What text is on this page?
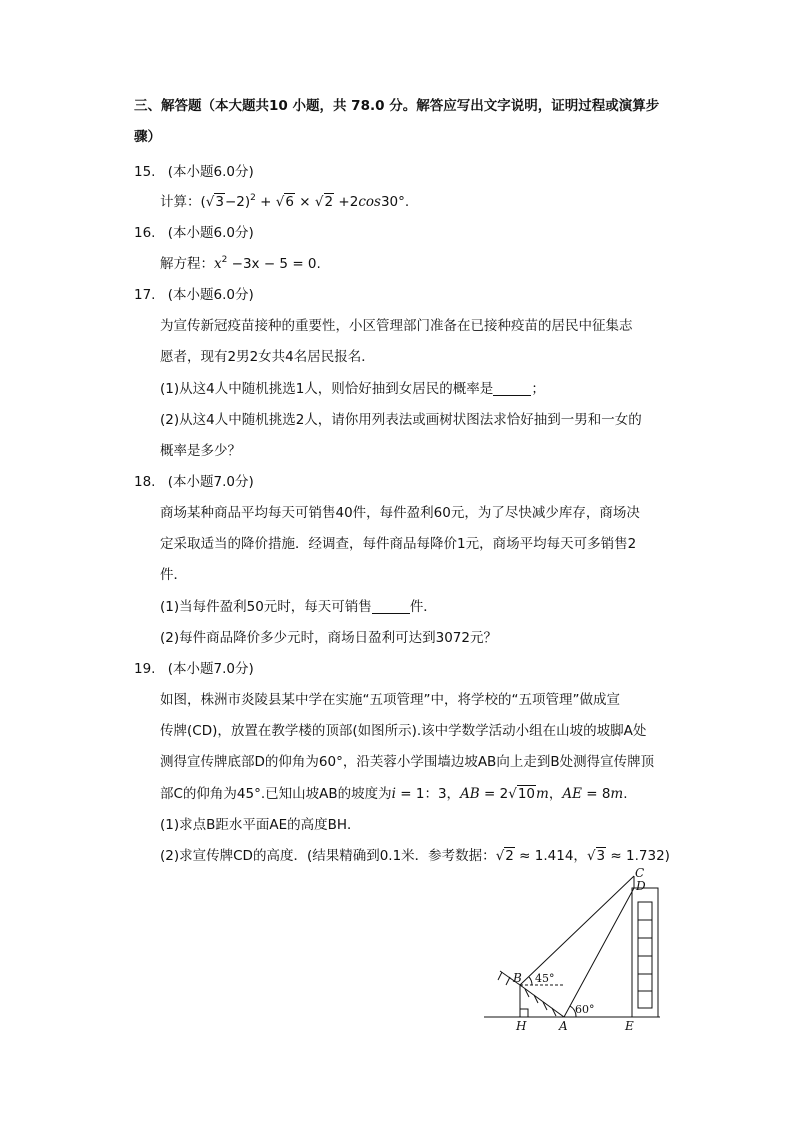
三、解答题（本大题共10 小题，共 78.0 分。解答应写出文字说明，证明过程或演算步
骤）
15. (本小题6.0分)
计算：$(√3-2)^2 + √6 \times √2 +2\cos 30^\circ$.
16. (本小题6.0分)
解方程：$x^2 -3x - 5 = 0$.
17. (本小题6.0分)
为宣传新冠疫苗接种的重要性，小区管理部门准备在已接种疫苗的居民中征集志
愿者，现有2男2女共4名居民报名．
(1)从这4人中随机挑选1人，则恰好抽到女居民的概率是	；
(2)从这4人中随机挑选2人，请你用列表法或画树状图法求恰好抽到一男和一女的
概率是多少？
18. (本小题7.0分)
商场某种商品平均每天可销售40件，每件盈利60元，为了尽快减少库存，商场决
定采取适当的降价措施．经调查，每件商品每降价1元，商场平均每天可多销售2
件．
(1)当每件盈利50元时，每天可销售	件．
(2)每件商品降价多少元时，商场日盈利可达到3072元？
19. (本小题7.0分)
如图，株洲市炎陵县某中学在实施“五项管理”中，将学校的“五项管理”做成宣
传牌(CD)，放置在教学楼的顶部(如图所示).该中学数学活动小组在山坡的坡脚A处
测得宣传牌底部D的仰角为60°，沿芙蓉小学围墙边坡AB向上走到B处测得宣传牌顶
部C的仰角为45°.已知山坡AB的坡度为i = 1：3，AB = 2√10m，AE = 8m.
(1)求点B距水平面AE的高度BH．
(2)求宣传牌CD的高度．(结果精确到0.1米．参考数据：√2 ≈ 1.414，√3 ≈ 1.732)
C
D
B
H	A	E
45°
60°
